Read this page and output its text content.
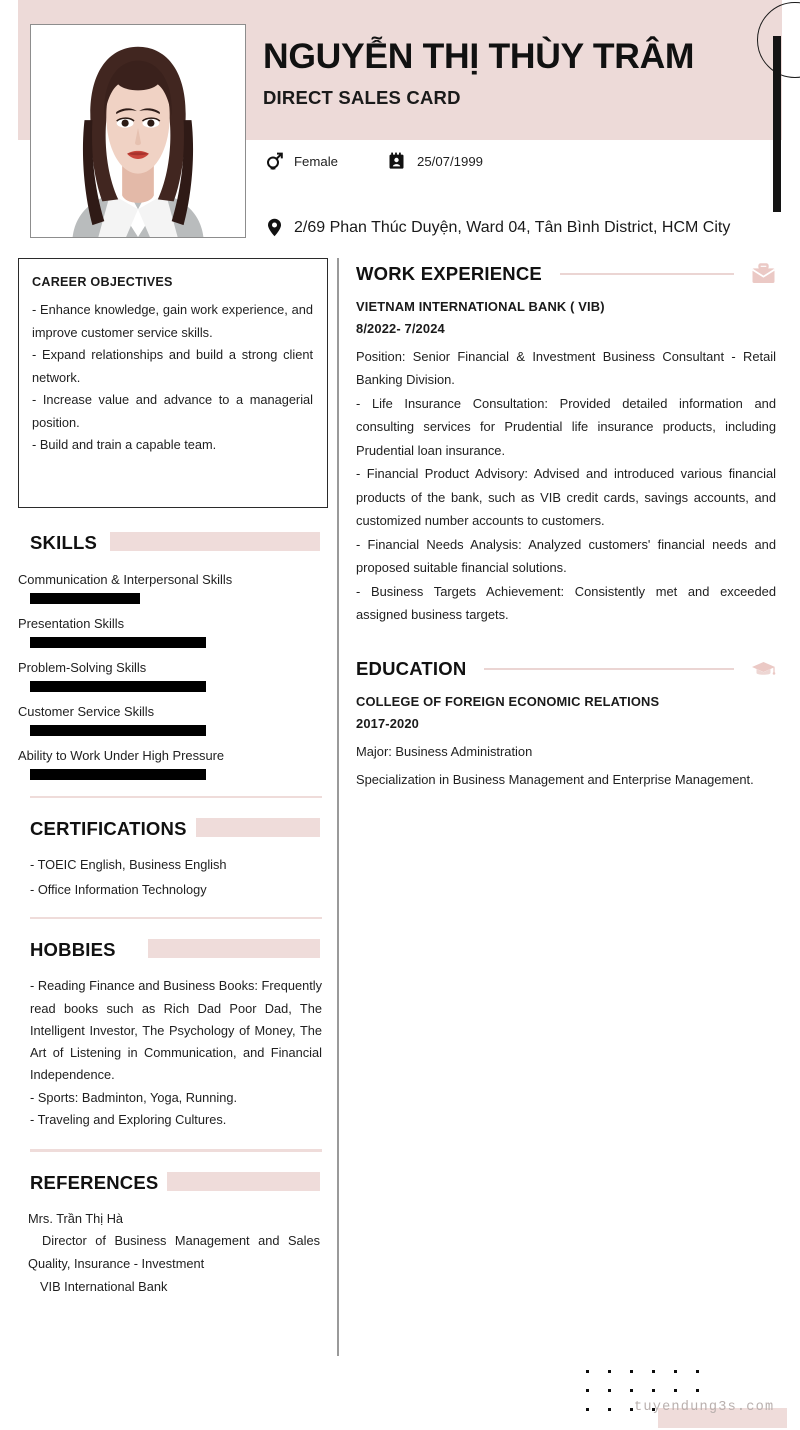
NGUYỄN THỊ THÙY TRÂM
DIRECT SALES CARD
Female	25/07/1999
2/69 Phan Thúc Duyện, Ward 04, Tân Bình District, HCM City
CAREER OBJECTIVES
- Enhance knowledge, gain work experience, and improve customer service skills.
- Expand relationships and build a strong client network.
- Increase value and advance to a managerial position.
- Build and train a capable team.
SKILLS
Communication & Interpersonal Skills
Presentation Skills
Problem-Solving Skills
Customer Service Skills
Ability to Work Under High Pressure
CERTIFICATIONS
- TOEIC English, Business English
- Office Information Technology
HOBBIES
- Reading Finance and Business Books: Frequently read books such as Rich Dad Poor Dad, The Intelligent Investor, The Psychology of Money, The Art of Listening in Communication, and Financial Independence.
- Sports: Badminton, Yoga, Running.
- Traveling and Exploring Cultures.
REFERENCES
Mrs. Trần Thị Hà
Director of Business Management and Sales Quality, Insurance - Investment
VIB International Bank
WORK EXPERIENCE
VIETNAM INTERNATIONAL BANK ( VIB)
8/2022- 7/2024
Position: Senior Financial & Investment Business Consultant - Retail Banking Division.
- Life Insurance Consultation: Provided detailed information and consulting services for Prudential life insurance products, including Prudential loan insurance.
- Financial Product Advisory: Advised and introduced various financial products of the bank, such as VIB credit cards, savings accounts, and customized number accounts to customers.
- Financial Needs Analysis: Analyzed customers' financial needs and proposed suitable financial solutions.
- Business Targets Achievement: Consistently met and exceeded assigned business targets.
EDUCATION
COLLEGE OF FOREIGN ECONOMIC RELATIONS
2017-2020
Major: Business Administration
Specialization in Business Management and Enterprise Management.
tuyendung3s.com
